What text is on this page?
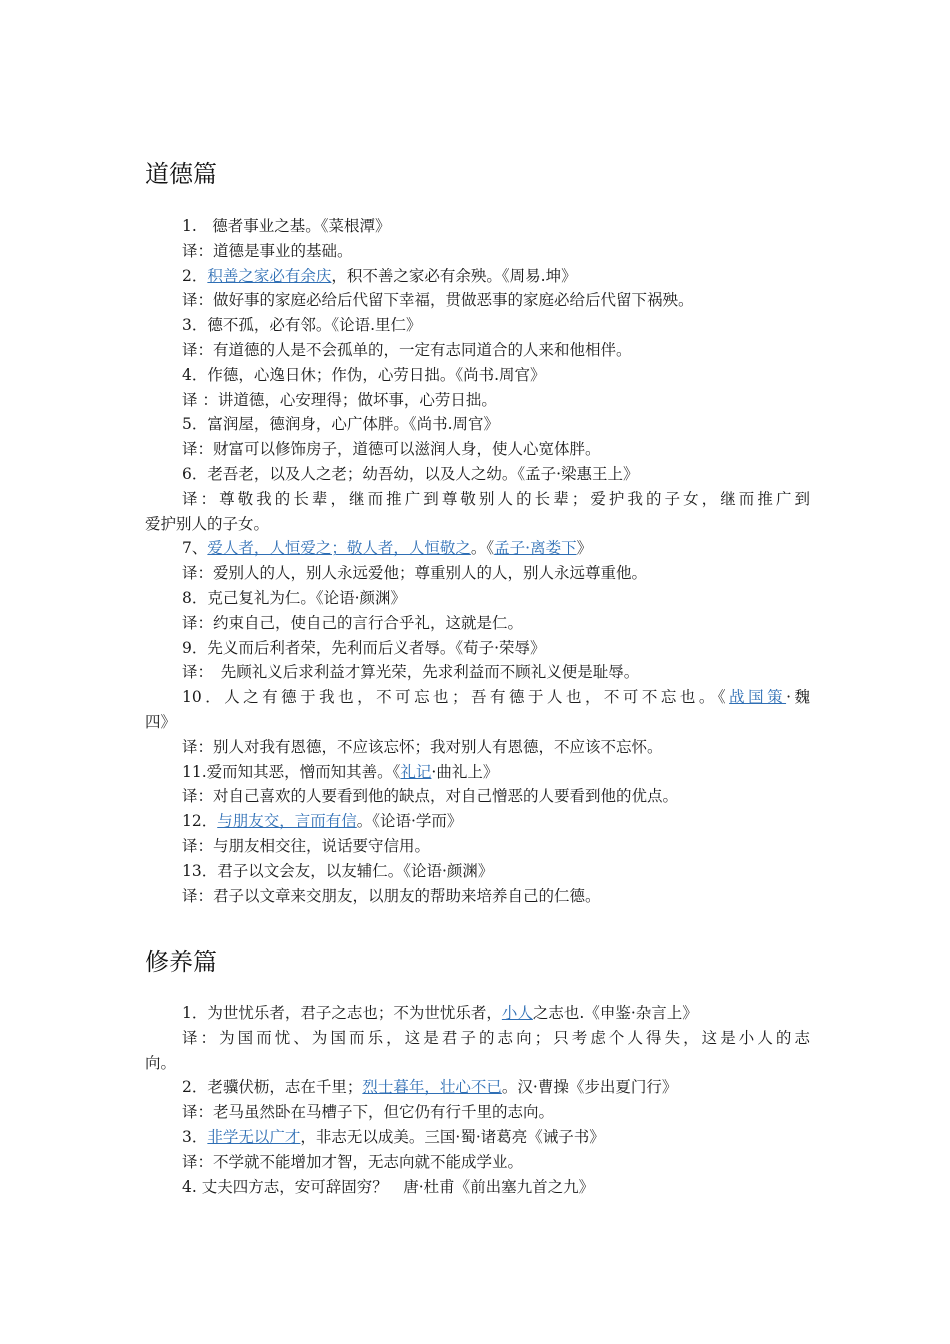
道德篇
1.　德者事业之基。《菜根潭》
译：道德是事业的基础。
2．积善之家必有余庆，积不善之家必有余殃。《周易.坤》
译：做好事的家庭必给后代留下幸福，贯做恶事的家庭必给后代留下祸殃。
3．德不孤，必有邻。《论语.里仁》
译：有道德的人是不会孤单的，一定有志同道合的人来和他相伴。
4．作德，心逸日休；作伪，心劳日拙。《尚书.周官》
译 ：讲道德，心安理得；做坏事，心劳日拙。
5．富润屋，德润身，心广体胖。《尚书.周官》
译：财富可以修饰房子，道德可以滋润人身，使人心宽体胖。
6．老吾老，以及人之老；幼吾幼，以及人之幼。《孟子·梁惠王上》
译：尊敬我的长辈，继而推广到尊敬别人的长辈；爱护我的子女，继而推广到
爱护别人的子女。
7、爱人者，人恒爱之；敬人者，人恒敬之。《孟子·离娄下》
译：爱别人的人，别人永远爱他；尊重别人的人，别人永远尊重他。
8．克己复礼为仁。《论语·颜渊》
译：约束自己，使自己的言行合乎礼，这就是仁。
9．先义而后利者荣，先利而后义者辱。《荀子·荣辱》
译：　先顾礼义后求利益才算光荣，先求利益而不顾礼义便是耻辱。
10．人之有德于我也，不可忘也；吾有德于人也，不可不忘也。《战国策·魏
四》
译：别人对我有恩德，不应该忘怀；我对别人有恩德，不应该不忘怀。
11.爱而知其恶，憎而知其善。《礼记·曲礼上》
译：对自己喜欢的人要看到他的缺点，对自己憎恶的人要看到他的优点。
12．与朋友交，言而有信。《论语·学而》
译：与朋友相交往，说话要守信用。
13．君子以文会友，以友辅仁。《论语·颜渊》
译：君子以文章来交朋友，以朋友的帮助来培养自己的仁德。
修养篇
1．为世忧乐者，君子之志也；不为世忧乐者，小人之志也.《申鉴·杂言上》
译：为国而忧、为国而乐，这是君子的志向；只考虑个人得失，这是小人的志
向。
2．老骥伏枥，志在千里；烈士暮年，壮心不已。汉·曹操《步出夏门行》
译：老马虽然卧在马槽子下，但它仍有行千里的志向。
3．非学无以广才，非志无以成美。三国·蜀·诸葛亮《诫子书》
译：不学就不能增加才智，无志向就不能成学业。
4. 丈夫四方志，安可辞固穷？　唐·杜甫《前出塞九首之九》
